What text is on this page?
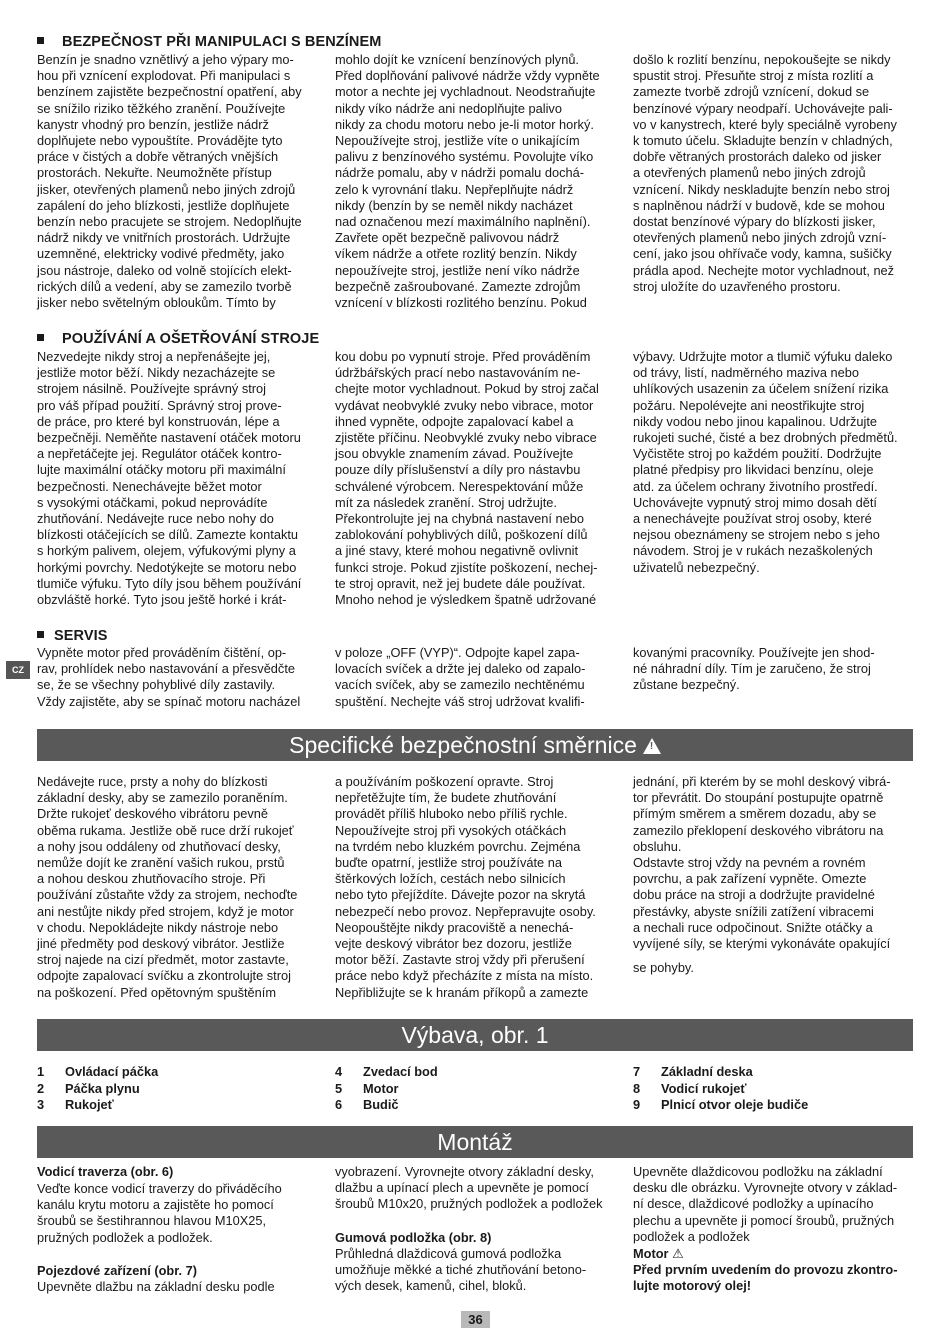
BEZPEČNOST PŘI MANIPULACI S BENZÍNEM
Benzín je snadno vznětlivý a jeho výpary mo-
hou při vznícení explodovat. Při manipulaci s
benzínem zajistěte bezpečnostní opatření, aby
se snížilo riziko těžkého zranění. Používejte
kanystr vhodný pro benzín, jestliže nádrž
doplňujete nebo vypouštíte. Provádějte tyto
práce v čistých a dobře větraných vnějších
prostorách. Nekuřte. Neumožněte přístup
jisker, otevřených plamenů nebo jiných zdrojů
zapálení do jeho blízkosti, jestliže doplňujete
benzín nebo pracujete se strojem. Nedoplňujte
nádrž nikdy ve vnitřních prostorách. Udržujte
uzemněné, elektricky vodivé předměty, jako
jsou nástroje, daleko od volně stojících elekt-
rických dílů a vedení, aby se zamezilo tvorbě
jisker nebo světelným obloukům. Tímto by
mohlo dojít ke vznícení benzínových plynů.
Před doplňování palivové nádrže vždy vypněte
motor a nechte jej vychladnout. Neodstraňujte
nikdy víko nádrže ani nedoplňujte palivo
nikdy za chodu motoru nebo je-li motor horký.
Nepoužívejte stroj, jestliže víte o unikajícím
palivu z benzínového systému. Povolujte víko
nádrže pomalu, aby v nádrži pomalu dochá-
zelo k vyrovnání tlaku. Nepřeplňujte nádrž
nikdy (benzín by se neměl nikdy nacházet
nad označenou mezí maximálního naplnění).
Zavřete opět bezpečně palivovou nádrž
víkem nádrže a otřete rozlitý benzín. Nikdy
nepoužívejte stroj, jestliže není víko nádrže
bezpečně zašroubované. Zamezte zdrojům
vznícení v blízkosti rozlitého benzínu. Pokud
došlo k rozlití benzínu, nepokoušejte se nikdy
spustit stroj. Přesuňte stroj z místa rozlití a
zamezte tvorbě zdrojů vznícení, dokud se
benzínové výpary neodpaří. Uchovávejte pali-
vo v kanystrech, které byly speciálně vyrobeny
k tomuto účelu. Skladujte benzín v chladných,
dobře větraných prostorách daleko od jisker
a otevřených plamenů nebo jiných zdrojů
vznícení. Nikdy neskladujte benzín nebo stroj
s naplněnou nádrží v budově, kde se mohou
dostat benzínové výpary do blízkosti jisker,
otevřených plamenů nebo jiných zdrojů vzní-
cení, jako jsou ohřívače vody, kamna, sušičky
prádla apod. Nechejte motor vychladnout, než
stroj uložíte do uzavřeného prostoru.
POUŽÍVÁNÍ A OŠETŘOVÁNÍ STROJE
Nezvedejte nikdy stroj a nepřenášejte jej,
jestliže motor běží. Nikdy nezacházejte se
strojem násilně. Používejte správný stroj
pro váš případ použití. Správný stroj prove-
de práce, pro které byl konstruován, lépe a
bezpečněji. Neměňte nastavení otáček motoru
a nepřetáčejte jej. Regulátor otáček kontro-
lujte maximální otáčky motoru při maximální
bezpečnosti. Nenechávejte běžet motor
s vysokými otáčkami, pokud neprovádíte
zhutňování. Nedávejte ruce nebo nohy do
blízkosti otáčejících se dílů. Zamezte kontaktu
s horkým palivem, olejem, výfukovými plyny a
horkými povrchy. Nedotýkejte se motoru nebo
tlumiče výfuku. Tyto díly jsou během používání
obzvláště horké. Tyto jsou ještě horké i krát-
kou dobu po vypnutí stroje. Před prováděním
údržbářských prací nebo nastavováním ne-
chejte motor vychladnout. Pokud by stroj začal
vydávat neobvyklé zvuky nebo vibrace, motor
ihned vypněte, odpojte zapalovací kabel a
zjistěte příčinu. Neobvyklé zvuky nebo vibrace
jsou obvykle znamením závad. Používejte
pouze díly příslušenství a díly pro nástavbu
schválené výrobcem. Nerespektování může
mít za následek zranění. Stroj udržujte.
Překontrolujte jej na chybná nastavení nebo
zablokování pohyblivých dílů, poškození dílů
a jiné stavy, které mohou negativně ovlivnit
funkci stroje. Pokud zjistíte poškození, nechej-
te stroj opravit, než jej budete dále používat.
Mnoho nehod je výsledkem špatně udržované
výbavy. Udržujte motor a tlumič výfuku daleko
od trávy, listí, nadměrného maziva nebo
uhlíkových usazenin za účelem snížení rizika
požáru. Nepolévejte ani neostřikujte stroj
nikdy vodou nebo jinou kapalinou. Udržujte
rukojeti suché, čisté a bez drobných předmětů.
Vyčistěte stroj po každém použití. Dodržujte
platné předpisy pro likvidaci benzínu, oleje
atd. za účelem ochrany životního prostředí.
Uchovávejte vypnutý stroj mimo dosah dětí
a nenechávejte používat stroj osoby, které
nejsou obeznámeny se strojem nebo s jeho
návodem. Stroj je v rukách nezaškolených
uživatelů nebezpečný.
SERVIS
Vypněte motor před prováděním čištění, op-
rav, prohlídek nebo nastavování a přesvědčte
se, že se všechny pohyblivé díly zastavily.
Vždy zajistěte, aby se spínač motoru nacházel
v poloze „OFF (VYP)“. Odpojte kapel zapa-
lovacích svíček a držte jej daleko od zapalo-
vacích svíček, aby se zamezilo nechtěnému
spuštění. Nechejte váš stroj udržovat kvalifi-
kovanými pracovníky. Používejte jen shod-
né náhradní díly. Tím je zaručeno, že stroj
zůstane bezpečný.
CZ
Specifické bezpečnostní směrnice!
Nedávejte ruce, prsty a nohy do blízkosti
základní desky, aby se zamezilo poraněním.
Držte rukojeť deskového vibrátoru pevně
oběma rukama. Jestliže obě ruce drží rukojeť
a nohy jsou oddáleny od zhutňovací desky,
nemůže dojít ke zranění vašich rukou, prstů
a nohou deskou zhutňovacího stroje. Při
používání zůstaňte vždy za strojem, nechoďte
ani nestůjte nikdy před strojem, když je motor
v chodu. Nepokládejte nikdy nástroje nebo
jiné předměty pod deskový vibrátor. Jestliže
stroj najede na cizí předmět, motor zastavte,
odpojte zapalovací svíčku a zkontrolujte stroj
na poškození. Před opětovným spuštěním
a používáním poškození opravte. Stroj
nepřetěžujte tím, že budete zhutňování
provádět příliš hluboko nebo příliš rychle.
Nepoužívejte stroj při vysokých otáčkách
na tvrdém nebo kluzkém povrchu. Zejména
buďte opatrní, jestliže stroj používáte na
štěrkových ložích, cestách nebo silnicích
nebo tyto přejíždíte. Dávejte pozor na skrytá
nebezpečí nebo provoz. Nepřepravujte osoby.
Neopouštějte nikdy pracoviště a nenechá-
vejte deskový vibrátor bez dozoru, jestliže
motor běží. Zastavte stroj vždy při přerušení
práce nebo když přecházíte z místa na místo.
Nepřibližujte se k hranám příkopů a zamezte
jednání, při kterém by se mohl deskový vibrá-
tor převrátit. Do stoupání postupujte opatrně
přímým směrem a směrem dozadu, aby se
zamezilo překlopení deskového vibrátoru na
obsluhu.
Odstavte stroj vždy na pevném a rovném
povrchu, a pak zařízení vypněte. Omezte
dobu práce na stroji a dodržujte pravidelné
přestávky, abyste snížili zatížení vibracemi
a nechali ruce odpočinout. Snižte otáčky a
vyvíjené síly, se kterými vykonáváte opakující
se pohyby.
Výbava, obr. 1
1 Ovládací páčka
2 Páčka plynu
3 Rukojeť
4 Zvedací bod
5 Motor
6 Budič
7 Základní deska
8 Vodicí rukojeť
9 Plnicí otvor oleje budiče
Montáž
Vodicí traverza (obr. 6)
Veďte konce vodicí traverzy do přiváděcího
kanálu krytu motoru a zajistěte ho pomocí
šroubů se šestihrannou hlavou M10X25,
pružných podložek a podložek.
Pojezdové zařízení (obr. 7)
Upevněte dlažbu na základní desku podle
vyobrazení. Vyrovnejte otvory základní desky,
dlažbu a upínací plech a upevněte je pomocí
šroubů M10x20, pružných podložek a podložek
Gumová podložka (obr. 8)
Průhledná dlaždicová gumová podložka
umožňuje měkké a tiché zhutňování betono-
vých desek, kamenů, cihel, bloků.
Upevněte dlaždicovou podložku na základní
desku dle obrázku. Vyrovnejte otvory v základ-
ní desce, dlaždicové podložky a upínacího
plechu a upevněte ji pomocí šroubů, pružných
podložek a podložek
Motor ⚠
Před prvním uvedením do provozu zkontro-
lujte motorový olej!
36
